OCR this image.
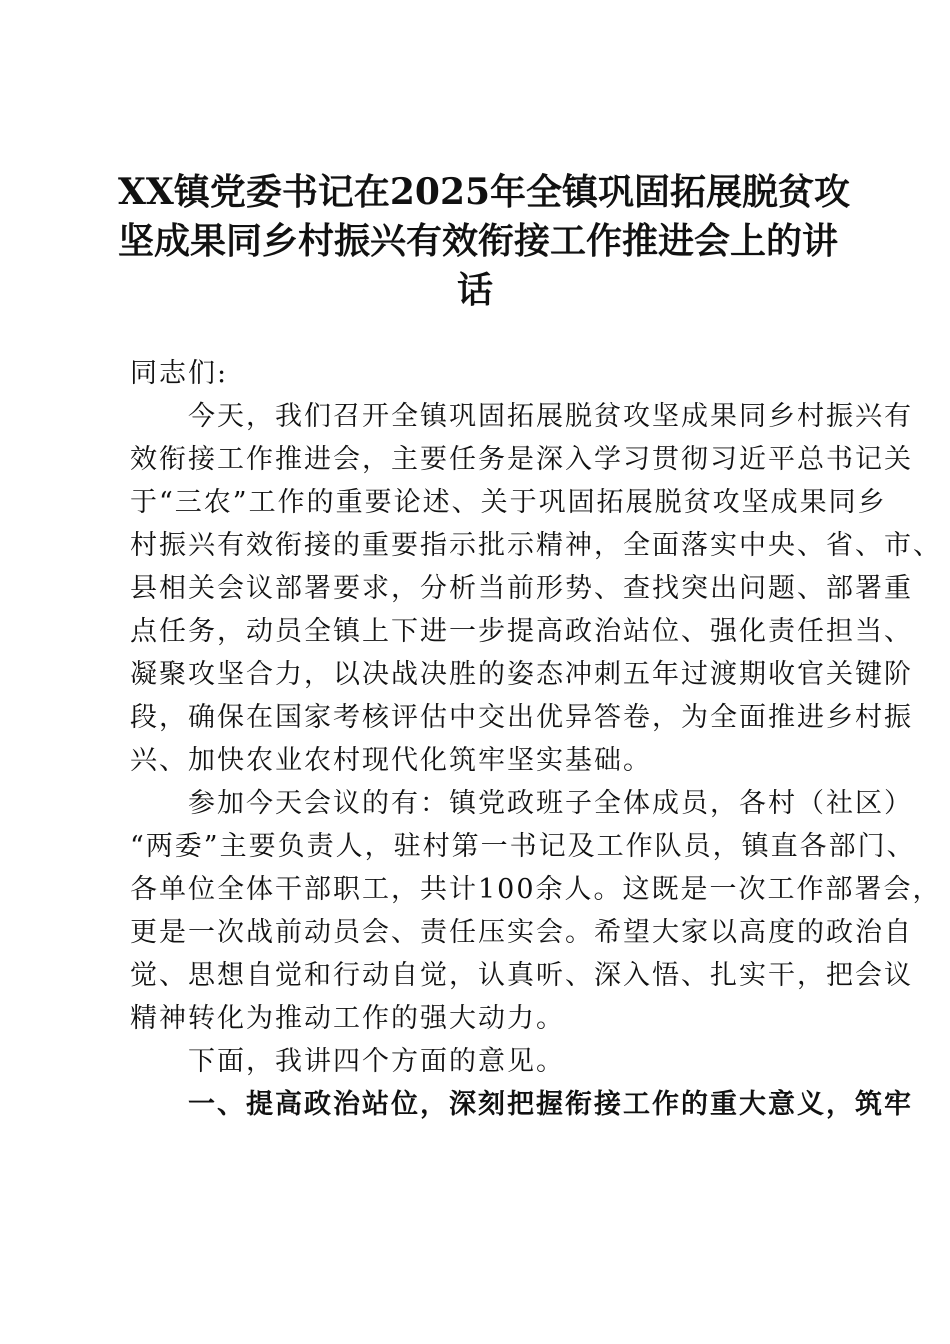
XX镇党委书记在2025年全镇巩固拓展脱贫攻
坚成果同乡村振兴有效衔接工作推进会上的讲
话

同志们:

　　今天，我们召开全镇巩固拓展脱贫攻坚成果同乡村振兴有
效衔接工作推进会，主要任务是深入学习贯彻习近平总书记关
于“三农”工作的重要论述、关于巩固拓展脱贫攻坚成果同乡
村振兴有效衔接的重要指示批示精神，全面落实中央、省、市、
县相关会议部署要求，分析当前形势、查找突出问题、部署重
点任务，动员全镇上下进一步提高政治站位、强化责任担当、
凝聚攻坚合力，以决战决胜的姿态冲刺五年过渡期收官关键阶
段，确保在国家考核评估中交出优异答卷，为全面推进乡村振
兴、加快农业农村现代化筑牢坚实基础。

　　参加今天会议的有：镇党政班子全体成员，各村（社区）
“两委”主要负责人，驻村第一书记及工作队员，镇直各部门、
各单位全体干部职工，共计100余人。这既是一次工作部署会，
更是一次战前动员会、责任压实会。希望大家以高度的政治自
觉、思想自觉和行动自觉，认真听、深入悟、扎实干，把会议
精神转化为推动工作的强大动力。

　　下面，我讲四个方面的意见。

　　一、提高政治站位，深刻把握衔接工作的重大意义，筑牢
